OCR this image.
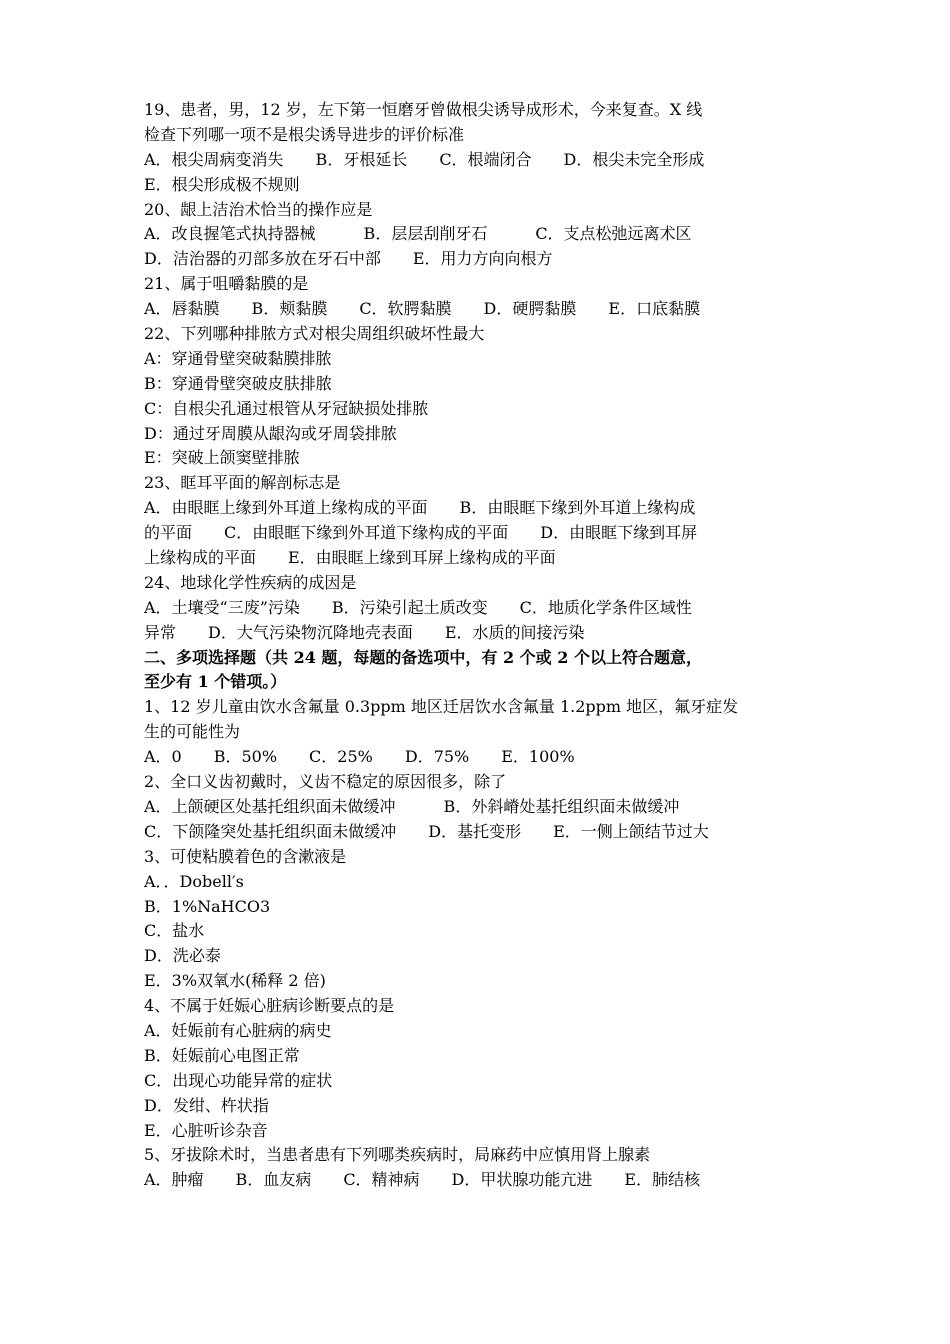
19、患者，男，12 岁，左下第一恒磨牙曾做根尖诱导成形术，今来复查。X 线
检查下列哪一项不是根尖诱导进步的评价标准
A．根尖周病变消失　　B．牙根延长　　C．根端闭合　　D．根尖未完全形成
E．根尖形成极不规则
20、龈上洁治术恰当的操作应是
A．改良握笔式执持器械　　　B．层层刮削牙石　　　C．支点松弛远离术区
D．洁治器的刃部多放在牙石中部　　E．用力方向向根方
21、属于咀嚼黏膜的是
A．唇黏膜　　B．颊黏膜　　C．软腭黏膜　　D．硬腭黏膜　　E．口底黏膜
22、下列哪种排脓方式对根尖周组织破坏性最大
A：穿通骨壁突破黏膜排脓
B：穿通骨壁突破皮肤排脓
C：自根尖孔通过根管从牙冠缺损处排脓
D：通过牙周膜从龈沟或牙周袋排脓
E：突破上颌窦壁排脓
23、眶耳平面的解剖标志是
A．由眼眶上缘到外耳道上缘构成的平面　　B．由眼眶下缘到外耳道上缘构成
的平面　　C．由眼眶下缘到外耳道下缘构成的平面　　D．由眼眶下缘到耳屏
上缘构成的平面　　E．由眼眶上缘到耳屏上缘构成的平面
24、地球化学性疾病的成因是
A．土壤受“三废”污染　　B．污染引起土质改变　　C．地质化学条件区域性
异常　　D．大气污染物沉降地壳表面　　E．水质的间接污染
二、多项选择题（共 24 题，每题的备选项中，有 2 个或 2 个以上符合题意，
至少有 1 个错项。）
1、12 岁儿童由饮水含氟量 0.3ppm 地区迁居饮水含氟量 1.2ppm 地区，氟牙症发
生的可能性为
A．0　　B．50%　　C．25%　　D．75%　　E．100%
2、全口义齿初戴时，义齿不稳定的原因很多，除了
A．上颌硬区处基托组织面未做缓冲　　　B．外斜嵴处基托组织面未做缓冲
C．下颌隆突处基托组织面未做缓冲　　D．基托变形　　E．一侧上颌结节过大
3、可使粘膜着色的含漱液是
A．．Dobell′s
B．1%NaHCO3
C．盐水
D．洗必泰
E．3%双氧水(稀释 2 倍)
4、不属于妊娠心脏病诊断要点的是
A．妊娠前有心脏病的病史
B．妊娠前心电图正常
C．出现心功能异常的症状
D．发绀、杵状指
E．心脏听诊杂音
5、牙拔除术时，当患者患有下列哪类疾病时，局麻药中应慎用肾上腺素
A．肿瘤　　B．血友病　　C．精神病　　D．甲状腺功能亢进　　E．肺结核
